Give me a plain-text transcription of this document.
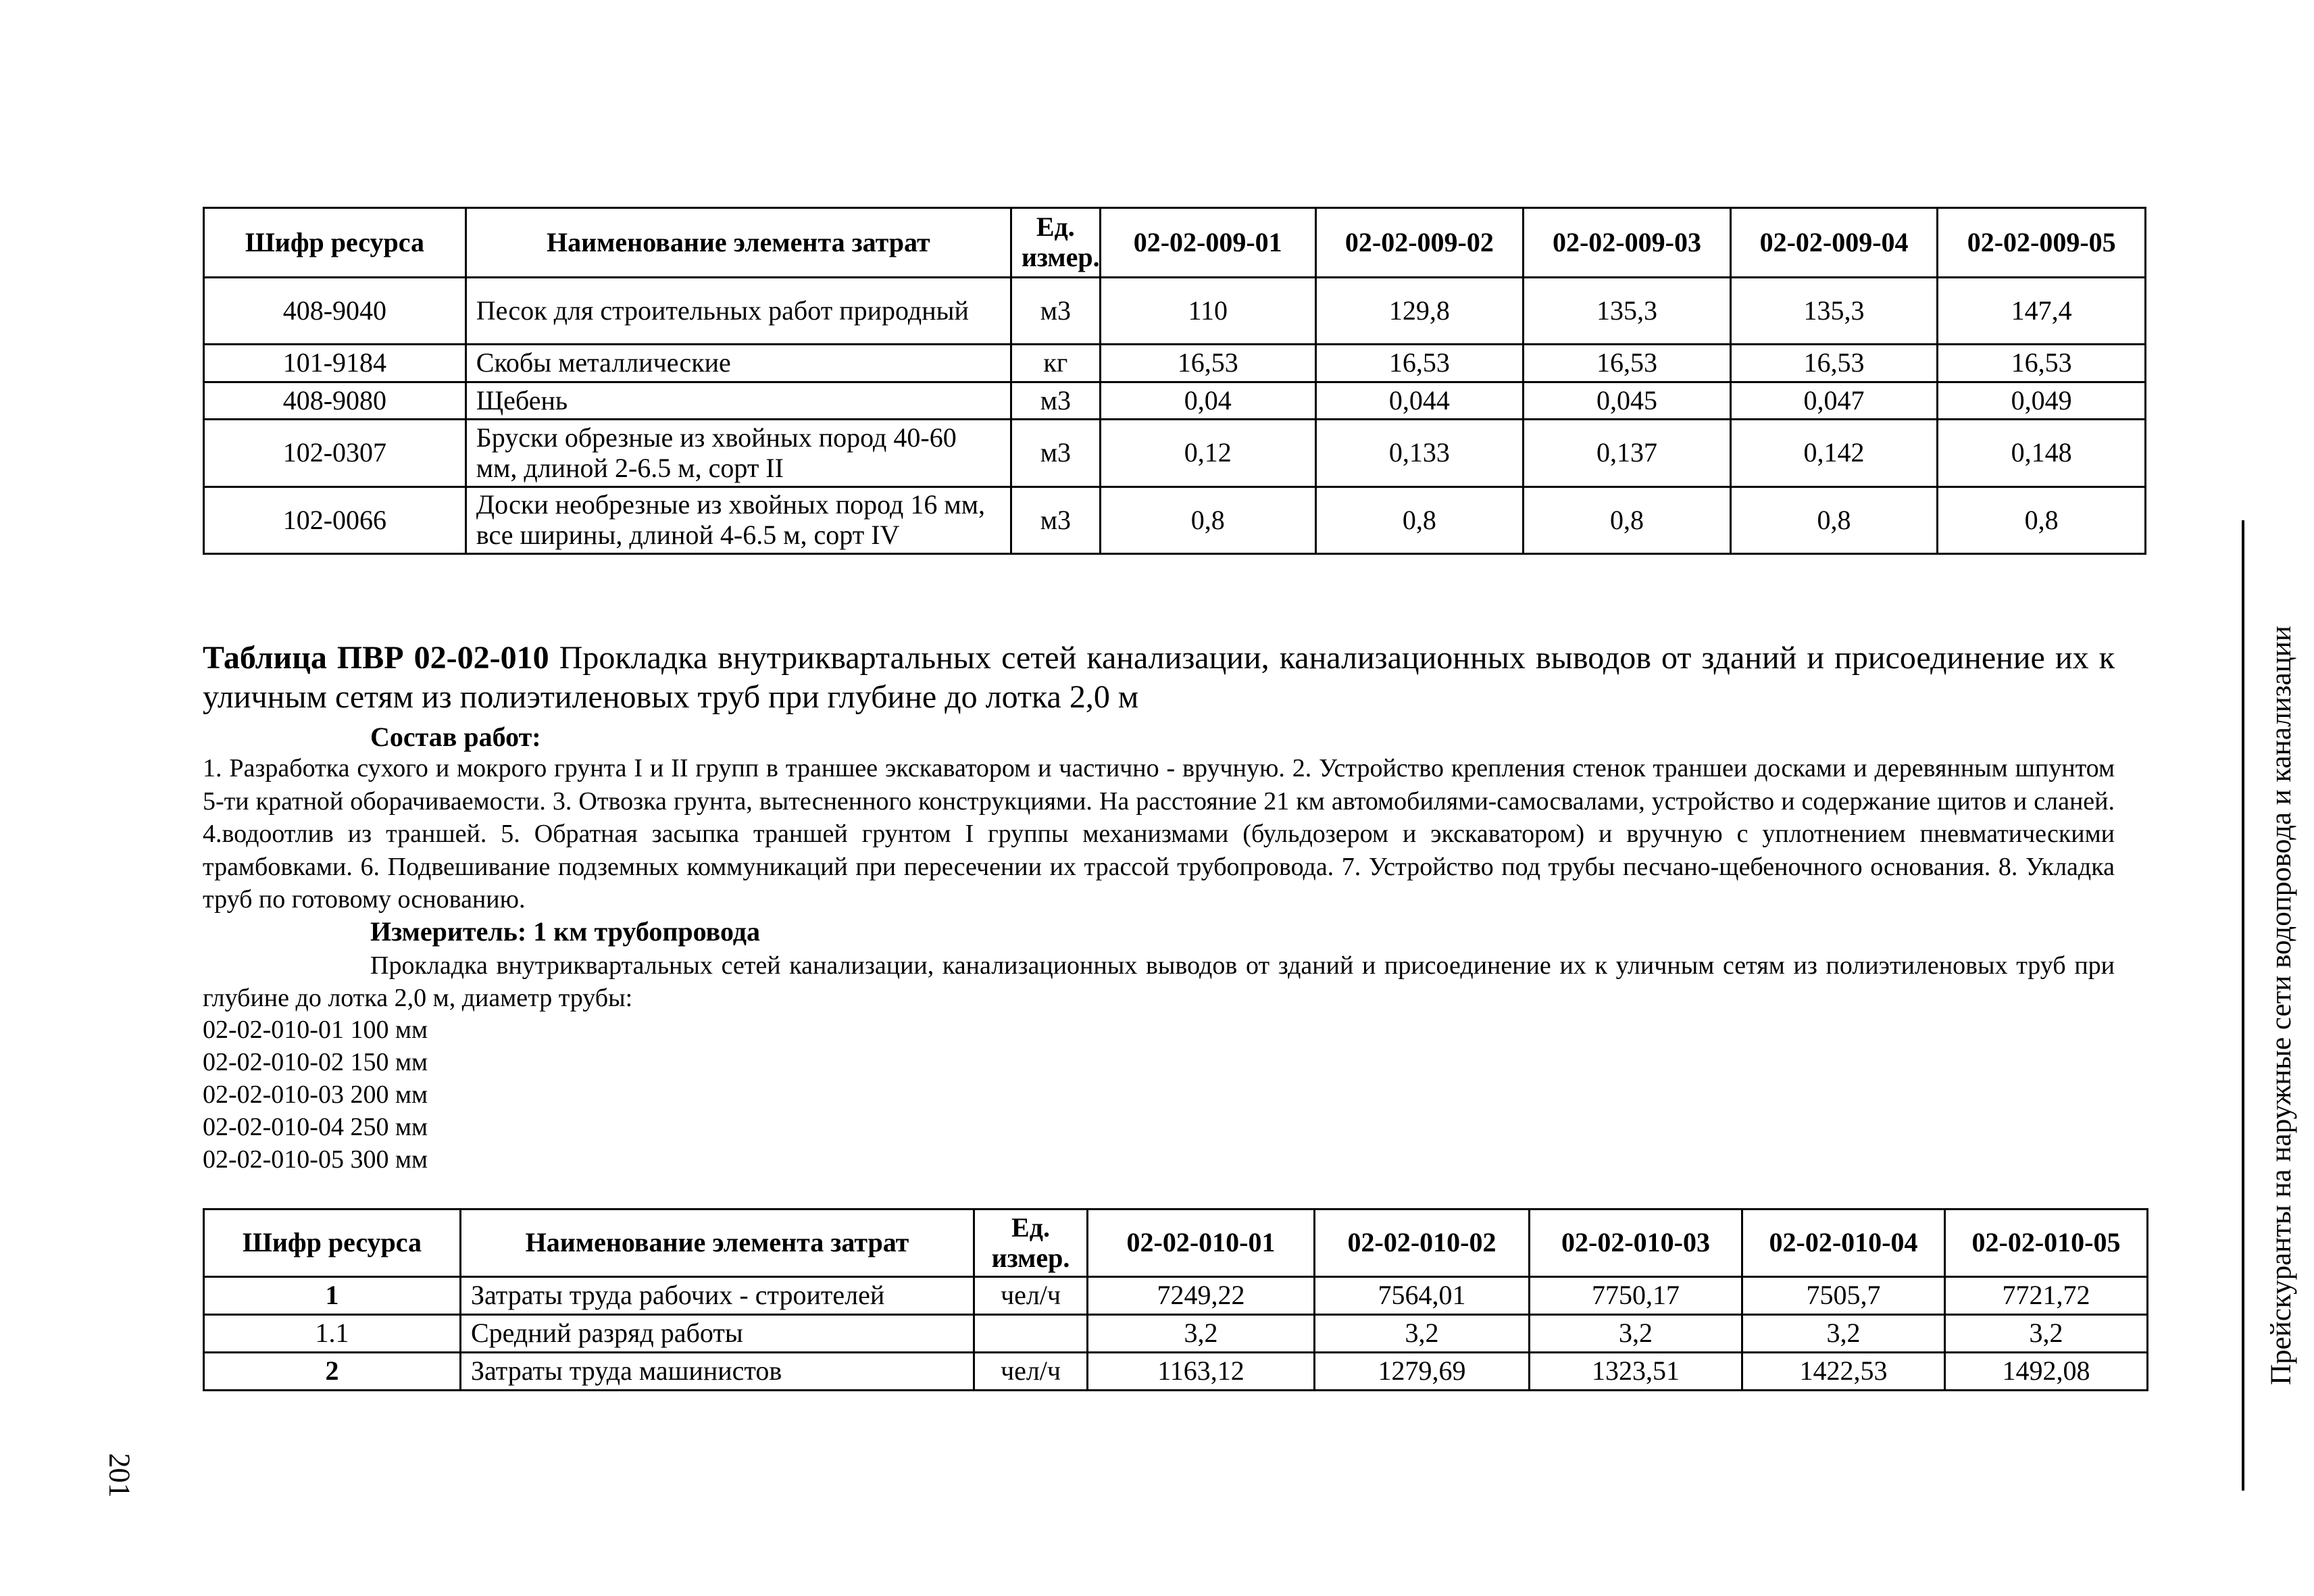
Шифр ресурса	Наименование элемента затрат	Ед. измер.	02-02-009-01	02-02-009-02	02-02-009-03	02-02-009-04	02-02-009-05
408-9040	Песок для строительных работ природный	м3	110	129,8	135,3	135,3	147,4
101-9184	Скобы металлические	кг	16,53	16,53	16,53	16,53	16,53
408-9080	Щебень	м3	0,04	0,044	0,045	0,047	0,049
102-0307	Бруски обрезные из хвойных пород 40-60 мм, длиной 2-6.5 м, сорт II	м3	0,12	0,133	0,137	0,142	0,148
102-0066	Доски необрезные из хвойных пород 16 мм, все ширины, длиной 4-6.5 м, сорт IV	м3	0,8	0,8	0,8	0,8	0,8
Таблица ПВР 02-02-010 Прокладка внутриквартальных сетей канализации, канализационных выводов от зданий и присоединение их к уличным сетям из полиэтиленовых труб при глубине до лотка 2,0 м
Состав работ:
1. Разработка сухого и мокрого грунта I и II групп в траншее экскаватором и частично - вручную. 2. Устройство крепления стенок траншеи досками и деревянным шпунтом 5-ти кратной оборачиваемости. 3. Отвозка грунта, вытесненного конструкциями. На расстояние 21 км автомобилями-самосвалами, устройство и содержание щитов и сланей. 4.водоотлив из траншей. 5. Обратная засыпка траншей грунтом I группы механизмами (бульдозером и экскаватором) и вручную с уплотнением пневматическими трамбовками. 6. Подвешивание подземных коммуникаций при пересечении их трассой трубопровода. 7. Устройство под трубы песчано-щебеночного основания. 8. Укладка труб по готовому основанию.
Измеритель: 1 км трубопровода
Прокладка внутриквартальных сетей канализации, канализационных выводов от зданий и присоединение их к уличным сетям из полиэтиленовых труб при глубине до лотка 2,0 м, диаметр трубы:
02-02-010-01 100 мм
02-02-010-02 150 мм
02-02-010-03 200 мм
02-02-010-04 250 мм
02-02-010-05 300 мм
Шифр ресурса	Наименование элемента затрат	Ед. измер.	02-02-010-01	02-02-010-02	02-02-010-03	02-02-010-04	02-02-010-05
1	Затраты труда рабочих - строителей	чел/ч	7249,22	7564,01	7750,17	7505,7	7721,72
1.1	Средний разряд работы		3,2	3,2	3,2	3,2	3,2
2	Затраты труда машинистов	чел/ч	1163,12	1279,69	1323,51	1422,53	1492,08
201
Прейскуранты на наружные сети водопровода и канализации
